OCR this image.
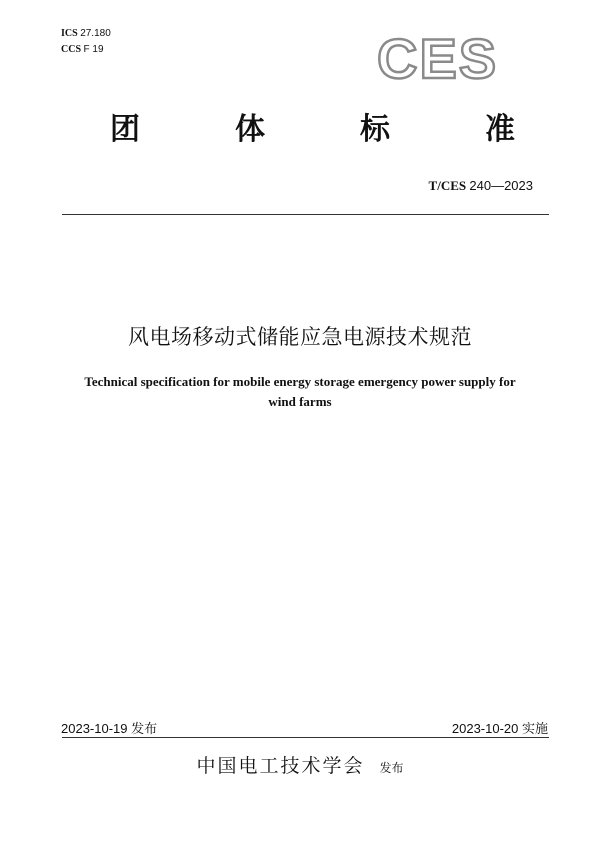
ICS 27.180
CCS F 19	CES
团	体	标	准
T/CES 240—2023
风电场移动式储能应急电源技术规范
Technical specification for mobile energy storage emergency power supply for
wind farms
2023-10-19 发布	2023-10-20 实施
中国电工技术学会 发布
